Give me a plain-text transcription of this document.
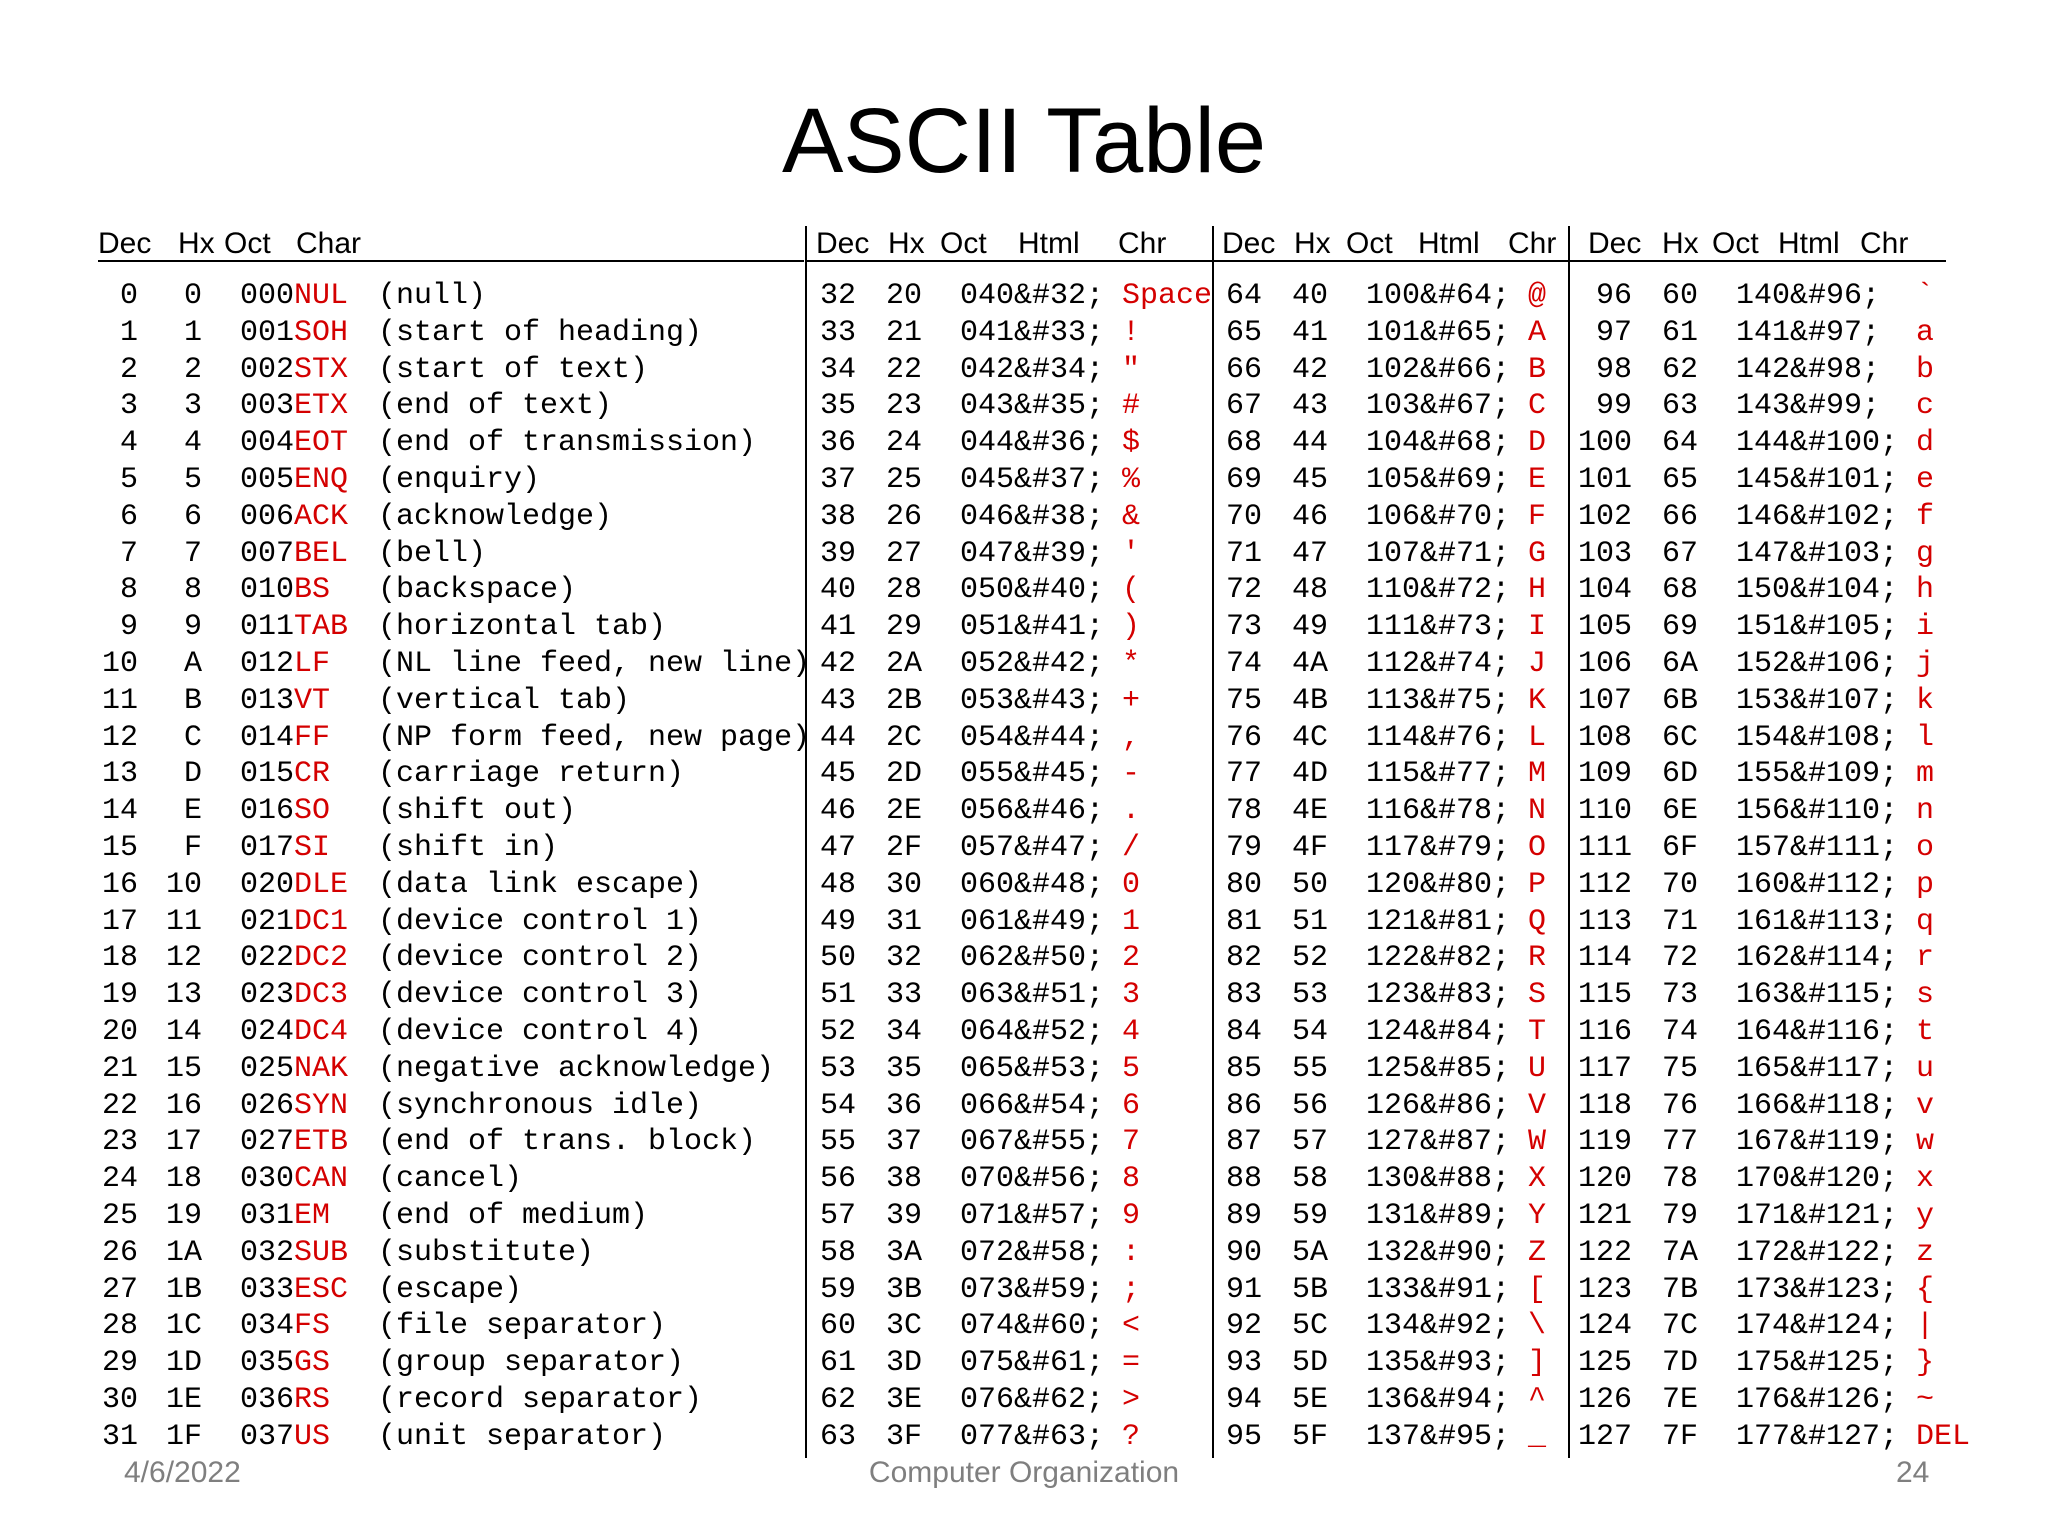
ASCII Table
Dec Hx Oct Char	Dec Hx Oct Html Chr Dec Hx Oct Html Chr Dec Hx Oct Html Chr
0	0	000 NUL (null)
1	1	001 SOH (start of heading)
2	2	002 STX (start of text)
3	3	003 ETX (end of text)
4	4	004 EOT (end of transmission)
5	5	005 ENQ (enquiry)
6	6	006 ACK (acknowledge)
7	7	007 BEL (bell)
8	8	010 BS	(backspace)
9	9	011 TAB (horizontal tab)
10	A	012 LF	(NL line feed, new line)
11	B	013 VT	(vertical tab)
12	C	014 FF	(NP form feed, new page)
13	D	015 CR	(carriage return)
14	E	016 SO	(shift out)
15	F	017 SI	(shift in)
16 10	020 DLE (data link escape)
17 11	021 DC1 (device control 1)
18 12	022 DC2 (device control 2)
19 13	023 DC3 (device control 3)
20 14	024 DC4 (device control 4)
21 15	025 NAK (negative acknowledge)
22 16	026 SYN (synchronous idle)
23 17	027 ETB (end of trans. block)
24 18	030 CAN (cancel)
25 19	031 EM	(end of medium)
26 1A	032 SUB (substitute)
27 1B	033 ESC (escape)
28 1C	034 FS	(file separator)
29 1D	035 GS	(group separator)
30 1E	036 RS	(record separator)
31 1F	037 US	(unit separator)
32 20	040 &#32; Space
33 21	041 &#33; !
34 22	042 &#34; "
35 23	043 &#35; #
36 24	044 &#36; $
37 25	045 &#37; %
38 26	046 &#38; &
39 27	047 &#39; '
40 28	050 &#40; (
41 29	051 &#41; )
42 2A	052 &#42; *
43 2B	053 &#43; +
44 2C	054 &#44; ,
45 2D	055 &#45; -
46 2E	056 &#46; .
47 2F	057 &#47; /
48 30	060 &#48; 0
49 31	061 &#49; 1
50 32	062 &#50; 2
51 33	063 &#51; 3
52 34	064 &#52; 4
53 35	065 &#53; 5
54 36	066 &#54; 6
55 37	067 &#55; 7
56 38	070 &#56; 8
57 39	071 &#57; 9
58 3A	072 &#58; :
59 3B	073 &#59; ;
60 3C	074 &#60; <
61 3D	075 &#61; =
62 3E	076 &#62; >
63 3F	077 &#63; ?
64 40	100 &#64; @
65 41	101 &#65; A
66 42	102 &#66; B
67 43	103 &#67; C
68 44	104 &#68; D
69 45	105 &#69; E
70 46	106 &#70; F
71 47	107 &#71; G
72 48	110 &#72; H
73 49	111 &#73; I
74 4A	112 &#74; J
75 4B	113 &#75; K
76 4C	114 &#76; L
77 4D	115 &#77; M
78 4E	116 &#78; N
79 4F	117 &#79; O
80 50	120 &#80; P
81 51	121 &#81; Q
82 52	122 &#82; R
83 53	123 &#83; S
84 54	124 &#84; T
85 55	125 &#85; U
86 56	126 &#86; V
87 57	127 &#87; W
88 58	130 &#88; X
89 59	131 &#89; Y
90 5A	132 &#90; Z
91 5B	133 &#91; [
92 5C	134 &#92; \
93 5D	135 &#93; ]
94 5E	136 &#94; ^
95 5F	137 &#95; _
96 60	140 &#96;	`
97 61	141 &#97;	a
98 62	142 &#98;	b
99 63	143 &#99;	c
100 64	144 &#100; d
101 65	145 &#101; e
102 66	146 &#102; f
103 67	147 &#103; g
104 68	150 &#104; h
105 69	151 &#105; i
106 6A	152 &#106; j
107 6B	153 &#107; k
108 6C	154 &#108; l
109 6D	155 &#109; m
110 6E	156 &#110; n
111 6F	157 &#111; o
112 70	160 &#112; p
113 71	161 &#113; q
114 72	162 &#114; r
115 73	163 &#115; s
116 74	164 &#116; t
117 75	165 &#117; u
118 76	166 &#118; v
119 77	167 &#119; w
120 78	170 &#120; x
121 79	171 &#121; y
122 7A	172 &#122; z
123 7B	173 &#123; {
124 7C	174 &#124; |
125 7D	175 &#125; }
126 7E	176 &#126; ~
127 7F	177 &#127; DEL
4/6/2022	Computer Organization	24
